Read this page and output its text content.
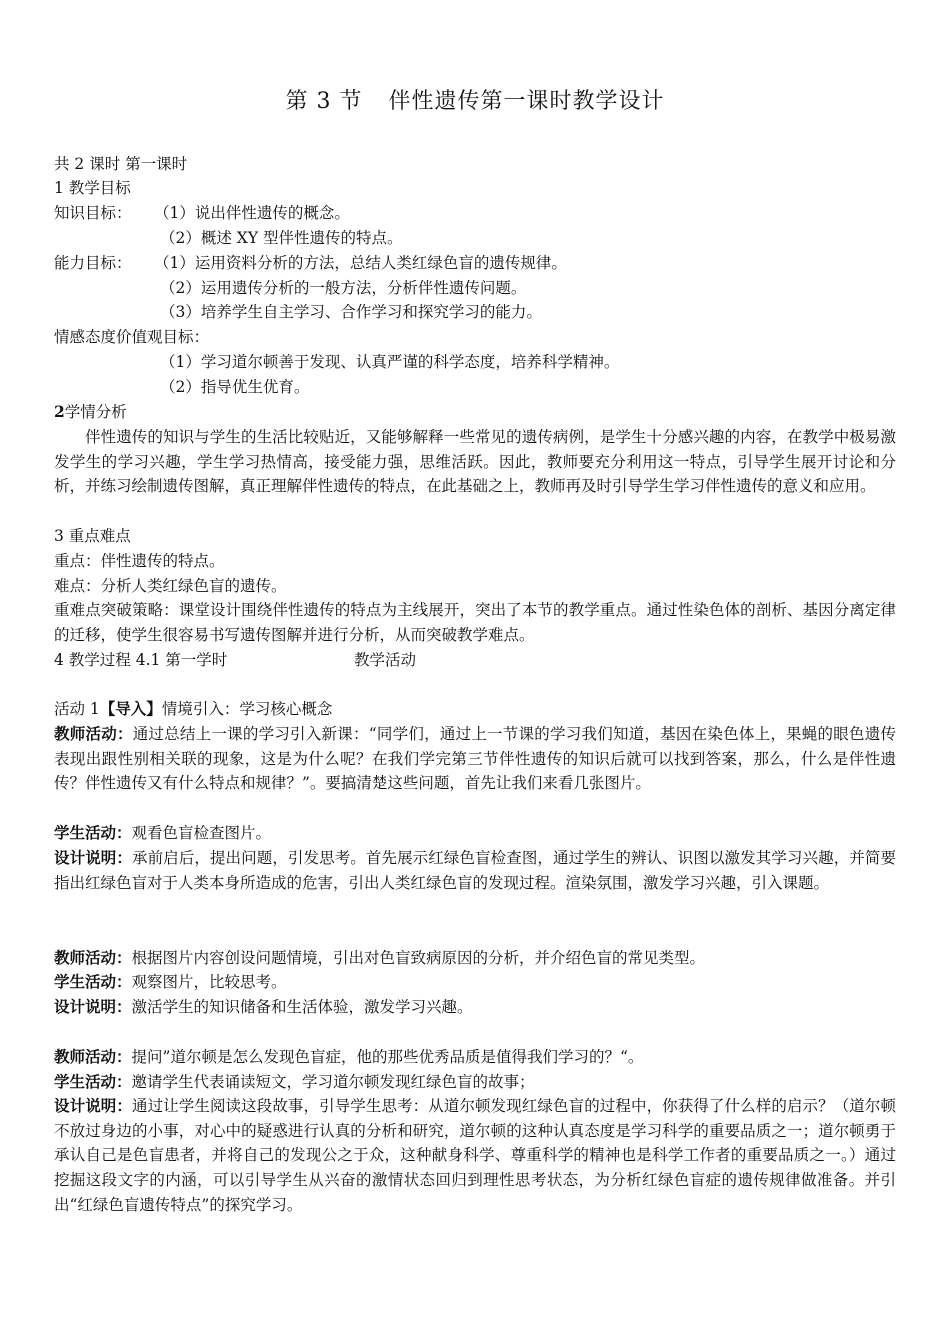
第 3 节 伴性遗传第一课时教学设计
共 2 课时 第一课时
1 教学目标
知识目标： （1）说出伴性遗传的概念。
（2）概述 XY 型伴性遗传的特点。
能力目标： （1）运用资料分析的方法，总结人类红绿色盲的遗传规律。
（2）运用遗传分析的一般方法，分析伴性遗传问题。
（3）培养学生自主学习、合作学习和探究学习的能力。
情感态度价值观目标：
（1）学习道尔顿善于发现、认真严谨的科学态度，培养科学精神。
（2）指导优生优育。
2学情分析
伴性遗传的知识与学生的生活比较贴近，又能够解释一些常见的遗传病例，是学生十分感兴趣的内容，在教学中极易激发学生的学习兴趣，学生学习热情高，接受能力强，思维活跃。因此，教师要充分利用这一特点，引导学生展开讨论和分析，并练习绘制遗传图解，真正理解伴性遗传的特点，在此基础之上，教师再及时引导学生学习伴性遗传的意义和应用。
3 重点难点
重点：伴性遗传的特点。
难点：分析人类红绿色盲的遗传。
重难点突破策略：课堂设计围绕伴性遗传的特点为主线展开，突出了本节的教学重点。通过性染色体的剖析、基因分离定律的迁移，使学生很容易书写遗传图解并进行分析，从而突破教学难点。
4 教学过程 4.1 第一学时	教学活动
活动 1【导入】情境引入：学习核心概念
教师活动：通过总结上一课的学习引入新课：“同学们，通过上一节课的学习我们知道，基因在染色体上，果蝇的眼色遗传表现出跟性别相关联的现象，这是为什么呢？在我们学完第三节伴性遗传的知识后就可以找到答案，那么，什么是伴性遗传？伴性遗传又有什么特点和规律？”。要搞清楚这些问题，首先让我们来看几张图片。
学生活动：观看色盲检查图片。
设计说明：承前启后，提出问题，引发思考。首先展示红绿色盲检查图，通过学生的辨认、识图以激发其学习兴趣，并简要指出红绿色盲对于人类本身所造成的危害，引出人类红绿色盲的发现过程。渲染氛围，激发学习兴趣，引入课题。
教师活动：根据图片内容创设问题情境，引出对色盲致病原因的分析，并介绍色盲的常见类型。
学生活动：观察图片，比较思考。
设计说明：激活学生的知识储备和生活体验，激发学习兴趣。
教师活动：提问”道尔顿是怎么发现色盲症，他的那些优秀品质是值得我们学习的？“。
学生活动：邀请学生代表诵读短文，学习道尔顿发现红绿色盲的故事；
设计说明：通过让学生阅读这段故事，引导学生思考：从道尔顿发现红绿色盲的过程中，你获得了什么样的启示？（道尔顿不放过身边的小事，对心中的疑惑进行认真的分析和研究，道尔顿的这种认真态度是学习科学的重要品质之一；道尔顿勇于承认自己是色盲患者，并将自己的发现公之于众，这种献身科学、尊重科学的精神也是科学工作者的重要品质之一。）通过挖掘这段文字的内涵，可以引导学生从兴奋的激情状态回归到理性思考状态，为分析红绿色盲症的遗传规律做准备。并引出“红绿色盲遗传特点”的探究学习。
